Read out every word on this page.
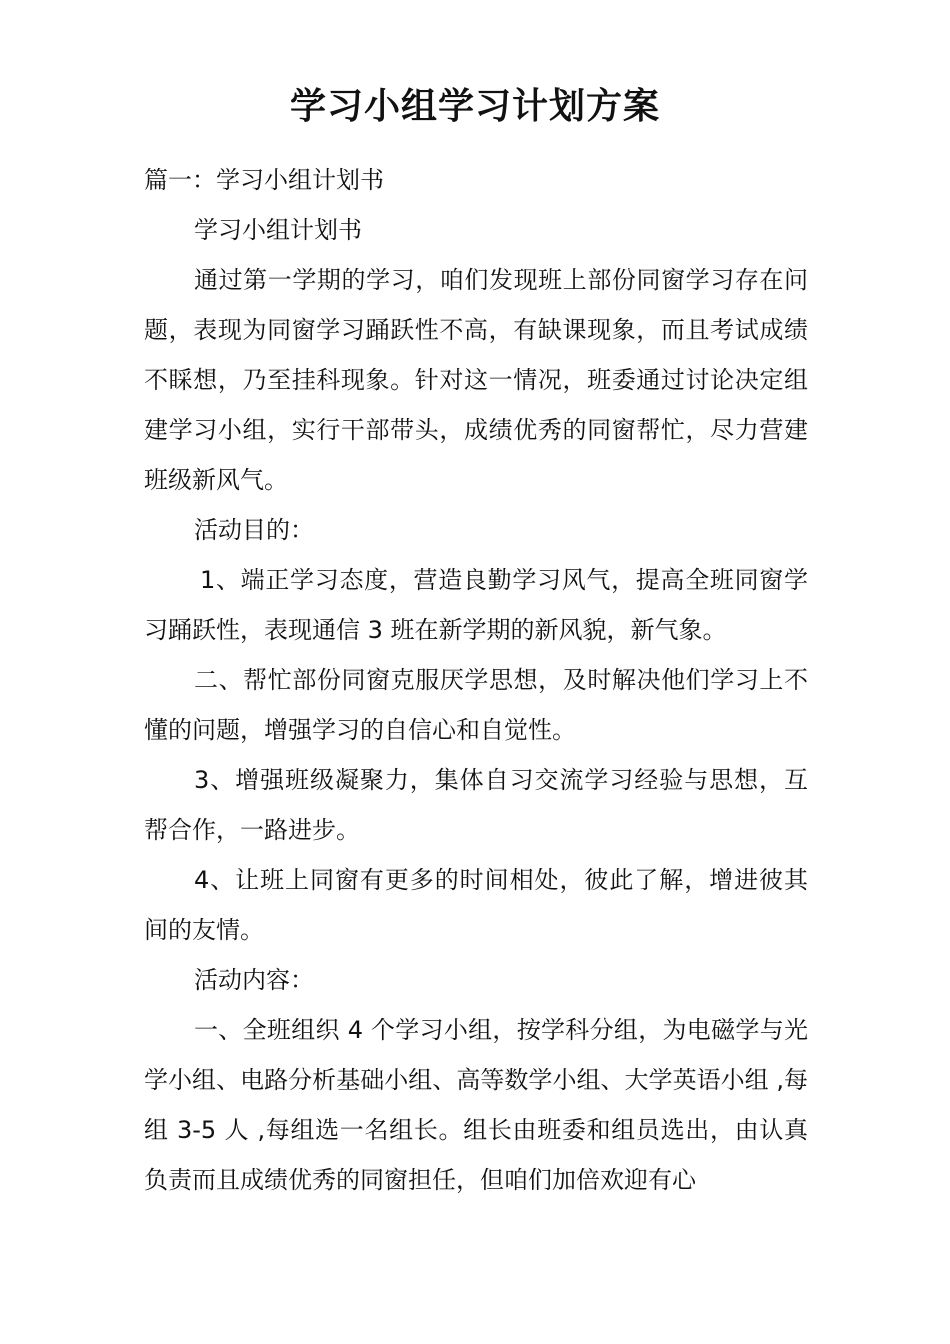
学习小组学习计划方案

篇一：学习小组计划书

学习小组计划书

通过第一学期的学习，咱们发现班上部份同窗学习存在问题，表现为同窗学习踊跃性不高，有缺课现象，而且考试成绩不睬想，乃至挂科现象。针对这一情况，班委通过讨论决定组建学习小组，实行干部带头，成绩优秀的同窗帮忙，尽力营建班级新风气。

活动目的：

1、端正学习态度，营造良勤学习风气，提高全班同窗学习踊跃性，表现通信 3 班在新学期的新风貌，新气象。

二、帮忙部份同窗克服厌学思想，及时解决他们学习上不懂的问题，增强学习的自信心和自觉性。

3、增强班级凝聚力，集体自习交流学习经验与思想，互帮合作，一路进步。

4、让班上同窗有更多的时间相处，彼此了解，增进彼其间的友情。

活动内容：

一、全班组织 4 个学习小组，按学科分组，为电磁学与光学小组、电路分析基础小组、高等数学小组、大学英语小组 ,每组 3-5 人 ,每组选一名组长。组长由班委和组员选出，由认真负责而且成绩优秀的同窗担任，但咱们加倍欢迎有心
